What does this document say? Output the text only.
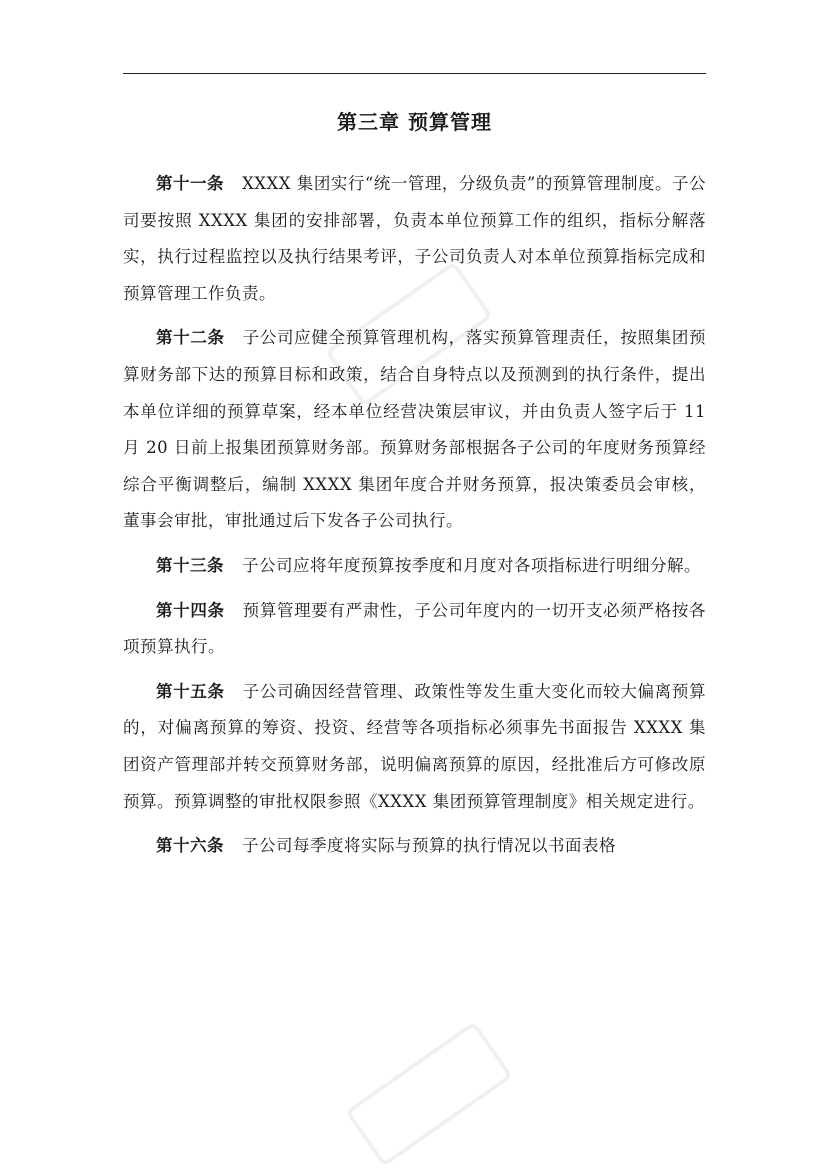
第三章 预算管理

第十一条 XXXX 集团实行“统一管理，分级负责”的预算管理制度。子公司要按照 XXXX 集团的安排部署，负责本单位预算工作的组织，指标分解落实，执行过程监控以及执行结果考评，子公司负责人对本单位预算指标完成和预算管理工作负责。

第十二条 子公司应健全预算管理机构，落实预算管理责任，按照集团预算财务部下达的预算目标和政策，结合自身特点以及预测到的执行条件，提出本单位详细的预算草案，经本单位经营决策层审议，并由负责人签字后于 11 月 20 日前上报集团预算财务部。预算财务部根据各子公司的年度财务预算经综合平衡调整后，编制 XXXX 集团年度合并财务预算，报决策委员会审核，董事会审批，审批通过后下发各子公司执行。

第十三条 子公司应将年度预算按季度和月度对各项指标进行明细分解。

第十四条 预算管理要有严肃性，子公司年度内的一切开支必须严格按各项预算执行。

第十五条 子公司确因经营管理、政策性等发生重大变化而较大偏离预算的，对偏离预算的筹资、投资、经营等各项指标必须事先书面报告 XXXX 集团资产管理部并转交预算财务部，说明偏离预算的原因，经批准后方可修改原预算。预算调整的审批权限参照《XXXX 集团预算管理制度》相关规定进行。

第十六条 子公司每季度将实际与预算的执行情况以书面表格
